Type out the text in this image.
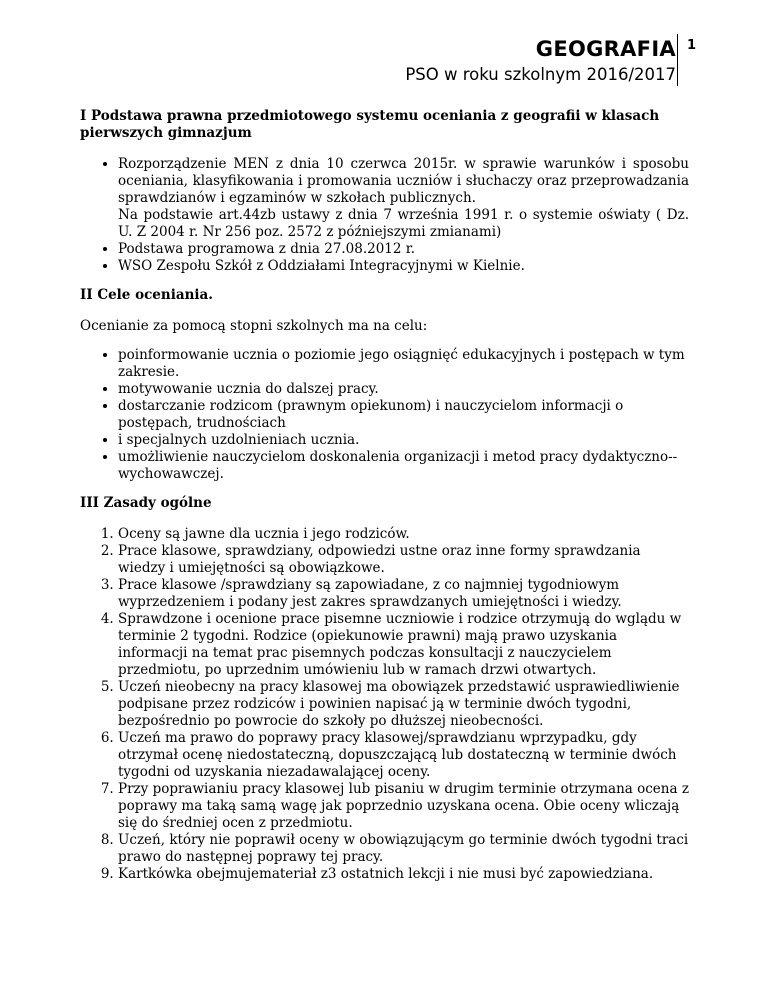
GEOGRAFIA
PSO w roku szkolnym 2016/2017
1
I Podstawa prawna przedmiotowego systemu oceniania z geografii w klasach pierwszych gimnazjum
• Rozporządzenie MEN z dnia 10 czerwca 2015r. w sprawie warunków i sposobu oceniania, klasyfikowania i promowania uczniów i słuchaczy oraz przeprowadzania sprawdzianów i egzaminów w szkołach publicznych.
Na podstawie art.44zb ustawy z dnia 7 września 1991 r. o systemie oświaty ( Dz. U. Z 2004 r. Nr 256 poz. 2572 z późniejszymi zmianami)
• Podstawa programowa z dnia 27.08.2012 r.
• WSO Zespołu Szkół z Oddziałami Integracyjnymi w Kielnie.
II Cele oceniania.

Ocenianie za pomocą stopni szkolnych ma na celu:

• poinformowanie ucznia o poziomie jego osiągnięć edukacyjnych i postępach w tym zakresie.
• motywowanie ucznia do dalszej pracy.
• dostarczanie rodzicom (prawnym opiekunom) i nauczycielom informacji o postępach, trudnościach
• i specjalnych uzdolnieniach ucznia.
• umożliwienie nauczycielom doskonalenia organizacji i metod pracy dydaktyczno--wychowawczej.
III Zasady ogólne
1. Oceny są jawne dla ucznia i jego rodziców.
2. Prace klasowe, sprawdziany, odpowiedzi ustne oraz inne formy sprawdzania wiedzy i umiejętności są obowiązkowe.
3. Prace klasowe /sprawdziany są zapowiadane, z co najmniej tygodniowym wyprzedzeniem i podany jest zakres sprawdzanych umiejętności i wiedzy.
4. Sprawdzone i ocenione prace pisemne uczniowie i rodzice otrzymują do wglądu w terminie 2 tygodni. Rodzice (opiekunowie prawni) mają prawo uzyskania informacji na temat prac pisemnych podczas konsultacji z nauczycielem przedmiotu, po uprzednim umówieniu lub w ramach drzwi otwartych.
5. Uczeń nieobecny na pracy klasowej ma obowiązek przedstawić usprawiedliwienie podpisane przez rodziców i powinien napisać ją w terminie dwóch tygodni, bezpośrednio po powrocie do szkoły po dłuższej nieobecności.
6. Uczeń ma prawo do poprawy pracy klasowej/sprawdzianu wprzypadku, gdy otrzymał ocenę niedostateczną, dopuszczającą lub dostateczną w terminie dwóch tygodni od uzyskania niezadawalającej oceny.
7. Przy poprawianiu pracy klasowej lub pisaniu w drugim terminie otrzymana ocena z poprawy ma taką samą wagę jak poprzednio uzyskana ocena. Obie oceny wliczają się do średniej ocen z przedmiotu.
8. Uczeń, który nie poprawił oceny w obowiązującym go terminie dwóch tygodni traci prawo do następnej poprawy tej pracy.
9. Kartkówka obejmujemateriał z3 ostatnich lekcji i nie musi być zapowiedziana.
